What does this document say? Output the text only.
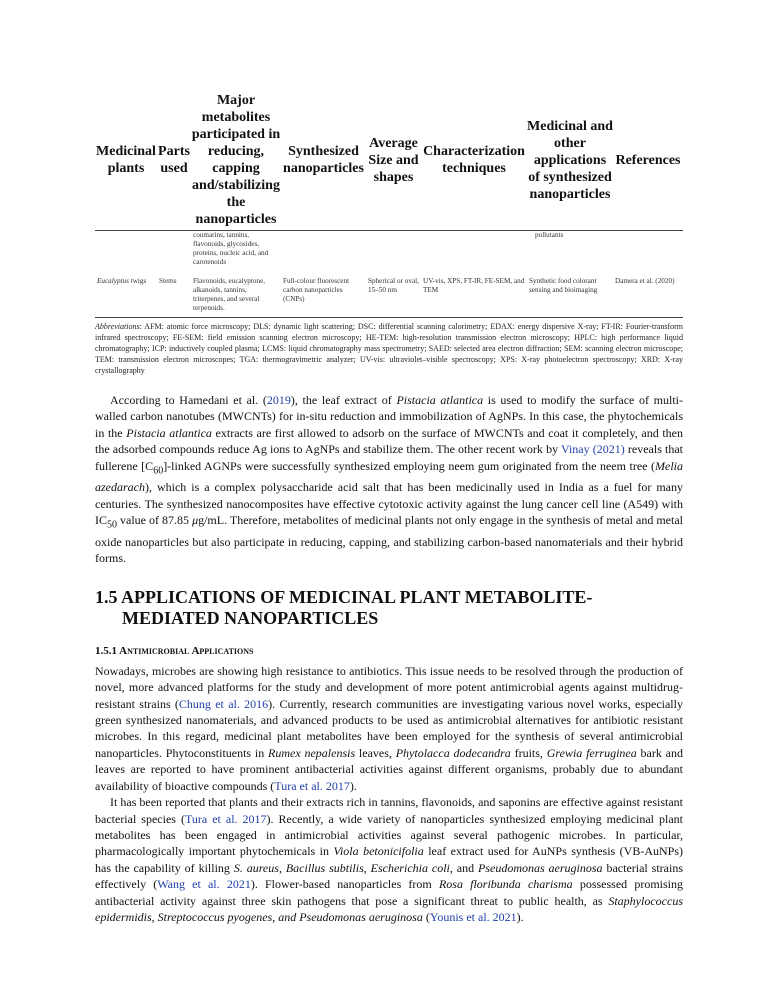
Medicinal plants	Parts used	Major metabolites participated in reducing, capping and/stabilizing the nanoparticles	Synthesized nanoparticles	Average Size and shapes	Characterization techniques	Medicinal and other applications of synthesized nanoparticles	References
		coumarins, tannins, flavonoids, glycosides, proteins, nucleic acid, and carotenoids				pollutants	
Eucalyptus twigs	Stems	Flavonoids, eucalyptone, alkanoids, tannins, triterpenes, and several terpenoids.	Full-colour fluorescent carbon nanoparticles (CNPs)	Spherical or oval, 15–50 nm	UV-vis, XPS, FT-IR, FE-SEM, and TEM	Synthetic food colorant sensing and bioimaging	Damera et al. (2020)
Abbreviations: AFM: atomic force microscopy; DLS: dynamic light scattering; DSC: differential scanning calorimetry; EDAX: energy dispersive X-ray; FT-IR: Fourier-transform infrared spectroscopy; FE-SEM: field emission scanning electron microscopy; HE-TEM: high-resolution transmission electron microscopy; HPLC: high performance liquid chromatography; ICP: inductively coupled plasma; LCMS: liquid chromatography mass spectrometry; SAED: selected area electron diffraction; SEM: scanning electron microscope; TEM: transmission electron microscopes; TGA: thermogravimetric analyzer; UV-vis: ultraviolet–visible spectroscopy; XPS: X-ray photoelectron spectroscopy; XRD: X-ray crystallography

According to Hamedani et al. (2019), the leaf extract of Pistacia atlantica is used to modify the surface of multi-walled carbon nanotubes (MWCNTs) for in-situ reduction and immobilization of AgNPs. In this case, the phytochemicals in the Pistacia atlantica extracts are first allowed to adsorb on the surface of MWCNTs and coat it completely, and then the adsorbed compounds reduce Ag ions to AgNPs and stabilize them. The other recent work by Vinay (2021) reveals that fullerene $[C_{60}]$-linked AGNPs were successfully synthesized employing neem gum originated from the neem tree (Melia azedarach), which is a complex polysaccharide acid salt that has been medicinally used in India as a fuel for many centuries. The synthesized nanocomposites have effective cytotoxic activity against the lung cancer cell line (A549) with $IC_{50}$ value of 87.85 μg/mL. Therefore, metabolites of medicinal plants not only engage in the synthesis of metal and metal oxide nanoparticles but also participate in reducing, capping, and stabilizing carbon-based nanomaterials and their hybrid forms.

1.5 APPLICATIONS OF MEDICINAL PLANT METABOLITE-MEDIATED NANOPARTICLES
1.5.1 Antimicrobial Applications

Nowadays, microbes are showing high resistance to antibiotics. This issue needs to be resolved through the production of novel, more advanced platforms for the study and development of more potent antimicrobial agents against multidrug-resistant strains (Chung et al. 2016). Currently, research communities are investigating various novel works, especially green synthesized nanomaterials, and advanced products to be used as antimicrobial alternatives for antibiotic resistant microbes. In this regard, medicinal plant metabolites have been employed for the synthesis of several antimicrobial nanoparticles. Phytoconstituents in Rumex nepalensis leaves, Phytolacca dodecandra fruits, Grewia ferruginea bark and leaves are reported to have prominent antibacterial activities against different organisms, probably due to abundant availability of bioactive compounds (Tura et al. 2017).

It has been reported that plants and their extracts rich in tannins, flavonoids, and saponins are effective against resistant bacterial species (Tura et al. 2017). Recently, a wide variety of nanoparticles synthesized employing medicinal plant metabolites has been engaged in antimicrobial activities against several pathogenic microbes. In particular, pharmacologically important phytochemicals in Viola betonicifolia leaf extract used for AuNPs synthesis (VB-AuNPs) has the capability of killing S. aureus, Bacillus subtilis, Escherichia coli, and Pseudomonas aeruginosa bacterial strains effectively (Wang et al. 2021). Flower-based nanoparticles from Rosa floribunda charisma possessed promising antibacterial activity against three skin pathogens that pose a significant threat to public health, as Staphylococcus epidermidis, Streptococcus pyogenes, and Pseudomonas aeruginosa (Younis et al. 2021).
